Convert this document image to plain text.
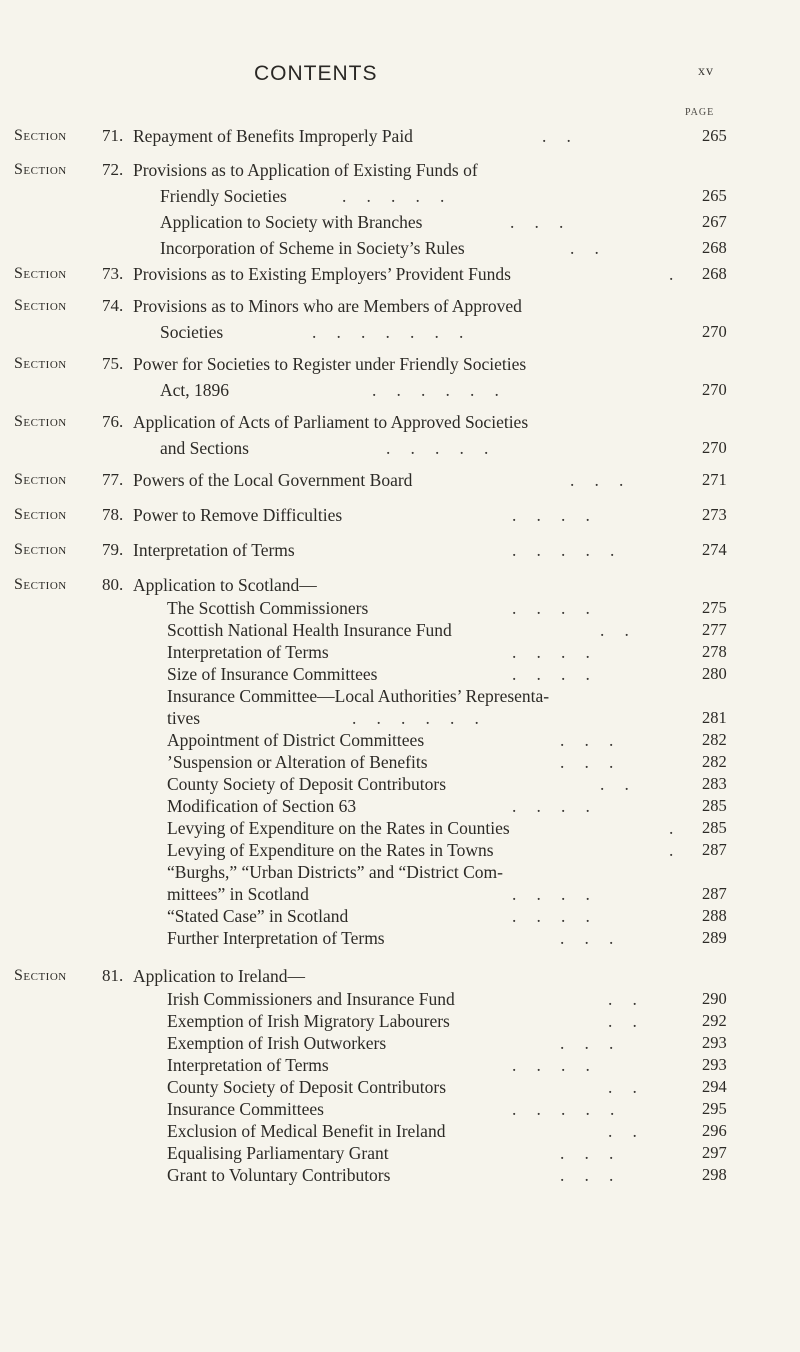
CONTENTS	xv
PAGE
Section 71. Repayment of Benefits Improperly Paid	. .	265
Section 72. Provisions as to Application of Existing Funds of
Friendly Societies	. . . . .	265
Application to Society with Branches	. . .	267
Incorporation of Scheme in Society’s Rules	. .	268
Section 73. Provisions as to Existing Employers’ Provident Funds	. 268
Section 74. Provisions as to Minors who are Members of Approved
Societies	. . . . . . .	270
Section 75. Power for Societies to Register under Friendly Societies
Act, 1896	. . . . . .	270
Section 76. Application of Acts of Parliament to Approved Societies
and Sections	. . . . .	270
Section 77. Powers of the Local Government Board	. . .	271
Section 78. Power to Remove Difficulties	. . . .	273
Section 79. Interpretation of Terms	. . . . .	274
Section 80. Application to Scotland—
The Scottish Commissioners	. . . .	275
Scottish National Health Insurance Fund	. .	277
Interpretation of Terms	. . . .	278
Size of Insurance Committees	. . . .	280
Insurance Committee—Local Authorities’ Representa-
tives	. . . . . .	281
Appointment of District Committees	. . .	282
’Suspension or Alteration of Benefits	. . .	282
County Society of Deposit Contributors	. .	283
Modification of Section 63	. . . .	285
Levying of Expenditure on the Rates in Counties	. 285
Levying of Expenditure on the Rates in Towns	. 287
“Burghs,” “Urban Districts” and “District Com-
mittees” in Scotland	. . . .	287
“Stated Case” in Scotland	. . . .	288
Further Interpretation of Terms	. . .	289
Section 81. Application to Ireland—
Irish Commissioners and Insurance Fund	. .	290
Exemption of Irish Migratory Labourers	. .	292
Exemption of Irish Outworkers	. . .	293
Interpretation of Terms	. . . .	293
County Society of Deposit Contributors	. .	294
Insurance Committees	. . . . .	295
Exclusion of Medical Benefit in Ireland	. .	296
Equalising Parliamentary Grant	. . .	297
Grant to Voluntary Contributors	. . .	298
